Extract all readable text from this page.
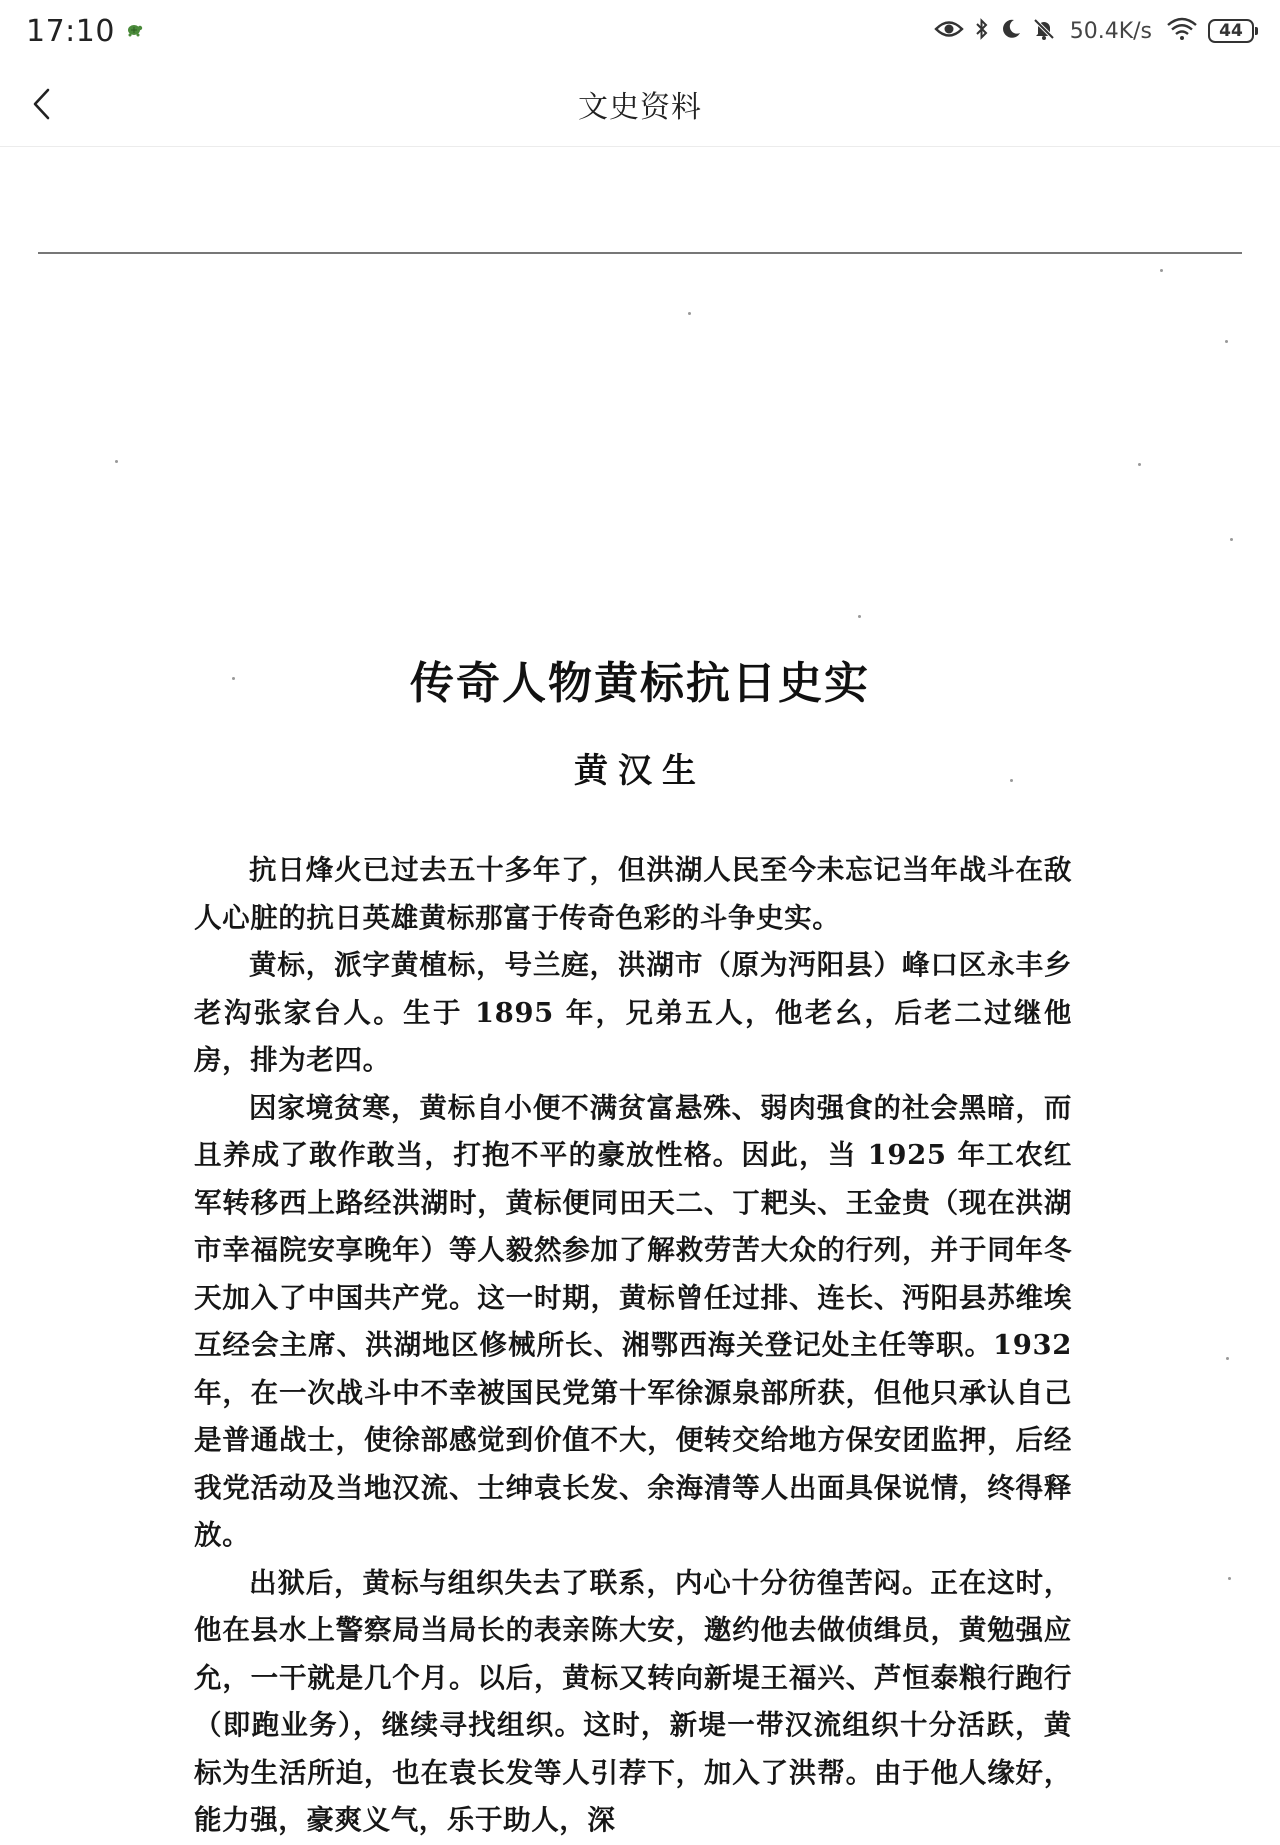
17:10	50.4K/s	44
文史资料
传奇人物黄标抗日史实
黄汉生

抗日烽火已过去五十多年了，但洪湖人民至今未忘记当年战斗在敌人心脏的抗日英雄黄标那富于传奇色彩的斗争史实。

黄标，派字黄植标，号兰庭，洪湖市（原为沔阳县）峰口区永丰乡老沟张家台人。生于 1895 年，兄弟五人，他老幺，后老二过继他房，排为老四。

因家境贫寒，黄标自小便不满贫富悬殊、弱肉强食的社会黑暗，而且养成了敢作敢当，打抱不平的豪放性格。因此，当 1925 年工农红军转移西上路经洪湖时，黄标便同田天二、丁耙头、王金贵（现在洪湖市幸福院安享晚年）等人毅然参加了解救劳苦大众的行列，并于同年冬天加入了中国共产党。这一时期，黄标曾任过排、连长、沔阳县苏维埃互经会主席、洪湖地区修械所长、湘鄂西海关登记处主任等职。1932 年，在一次战斗中不幸被国民党第十军徐源泉部所获，但他只承认自己是普通战士，使徐部感觉到价值不大，便转交给地方保安团监押，后经我党活动及当地汉流、士绅袁长发、余海清等人出面具保说情，终得释放。

出狱后，黄标与组织失去了联系，内心十分彷徨苦闷。正在这时，他在县水上警察局当局长的表亲陈大安，邀约他去做侦缉员，黄勉强应允，一干就是几个月。以后，黄标又转向新堤王福兴、芦恒泰粮行跑行（即跑业务），继续寻找组织。这时，新堤一带汉流组织十分活跃，黄标为生活所迫，也在袁长发等人引荐下，加入了洪帮。由于他人缘好，能力强，豪爽义气，乐于助人，深
